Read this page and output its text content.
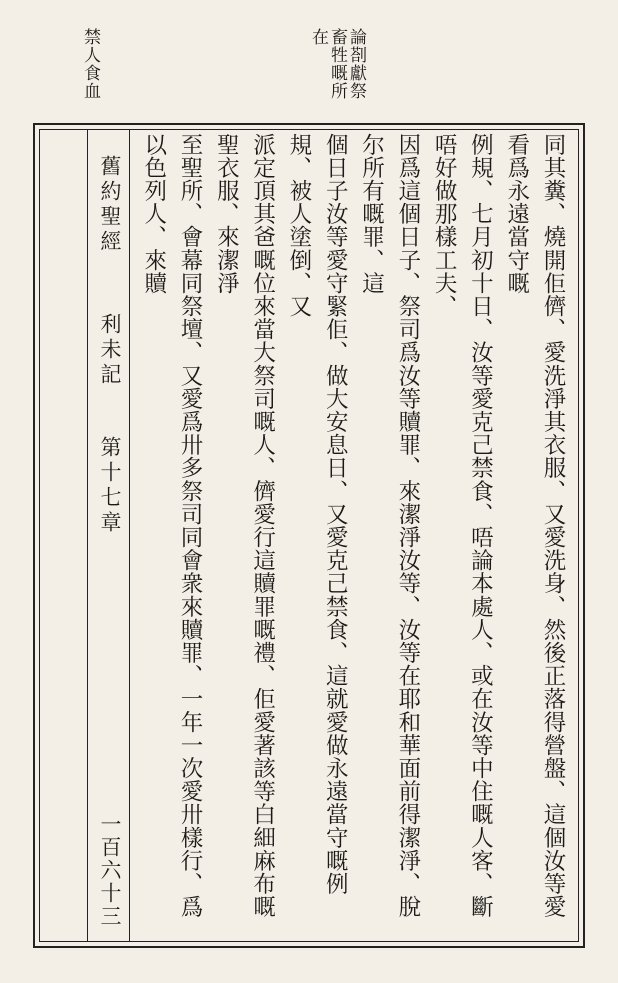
論剳獻祭畜牲嘅所在
禁人食血
同其糞、燒開佢儕、愛洗淨其衣服、又愛洗身、然後正落得營盤、這個汝等愛看爲永遠當守嘅
例規、七月初十日、汝等愛克己禁食、唔論本處人、或在汝等中住嘅人客、斷唔好做那樣工夫、
因爲這個日子、祭司爲汝等贖罪、來潔淨汝等、汝等在耶和華面前得潔淨、脫尔所有嘅罪、這
個日子汝等愛守緊佢、做大安息日、又愛克己禁食、這就愛做永遠當守嘅例規、被人塗倒、又
派定頂其爸嘅位來當大祭司嘅人、儕愛行這贖罪嘅禮、佢愛著該等白細麻布嘅聖衣服、來潔淨
至聖所、會幕同祭壇、又愛爲卅多祭司同會衆來贖罪、一年一次愛卅樣行、爲以色列人、來贖
舊約聖經利未記第十七章
一百六十三
